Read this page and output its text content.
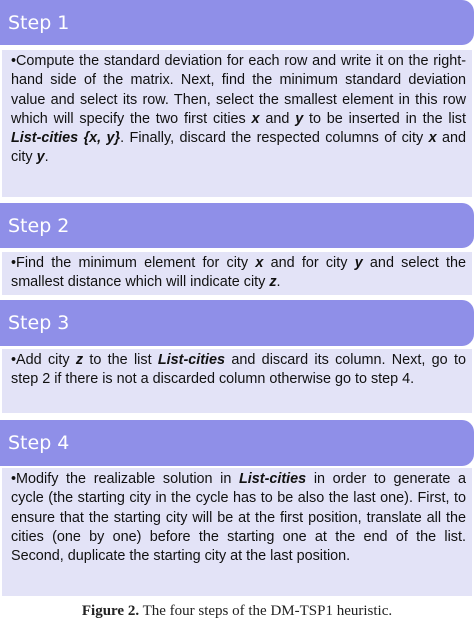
Step 1

•Compute the standard deviation for each row and write it on the right-hand side of the matrix. Next, find the minimum standard deviation value and select its row. Then, select the smallest element in this row which will specify the two first cities x and y to be inserted in the list List-cities {x, y}. Finally, discard the respected columns of city x and city y.

Step 2

•Find the minimum element for city x and for city y and select the smallest distance which will indicate city z.

Step 3

•Add city z to the list List-cities and discard its column. Next, go to step 2 if there is not a discarded column otherwise go to step 4.

Step 4

•Modify the realizable solution in List-cities in order to generate a cycle (the starting city in the cycle has to be also the last one). First, to ensure that the starting city will be at the first position, translate all the cities (one by one) before the starting one at the end of the list. Second, duplicate the starting city at the last position.

Figure 2. The four steps of the DM-TSP1 heuristic.
